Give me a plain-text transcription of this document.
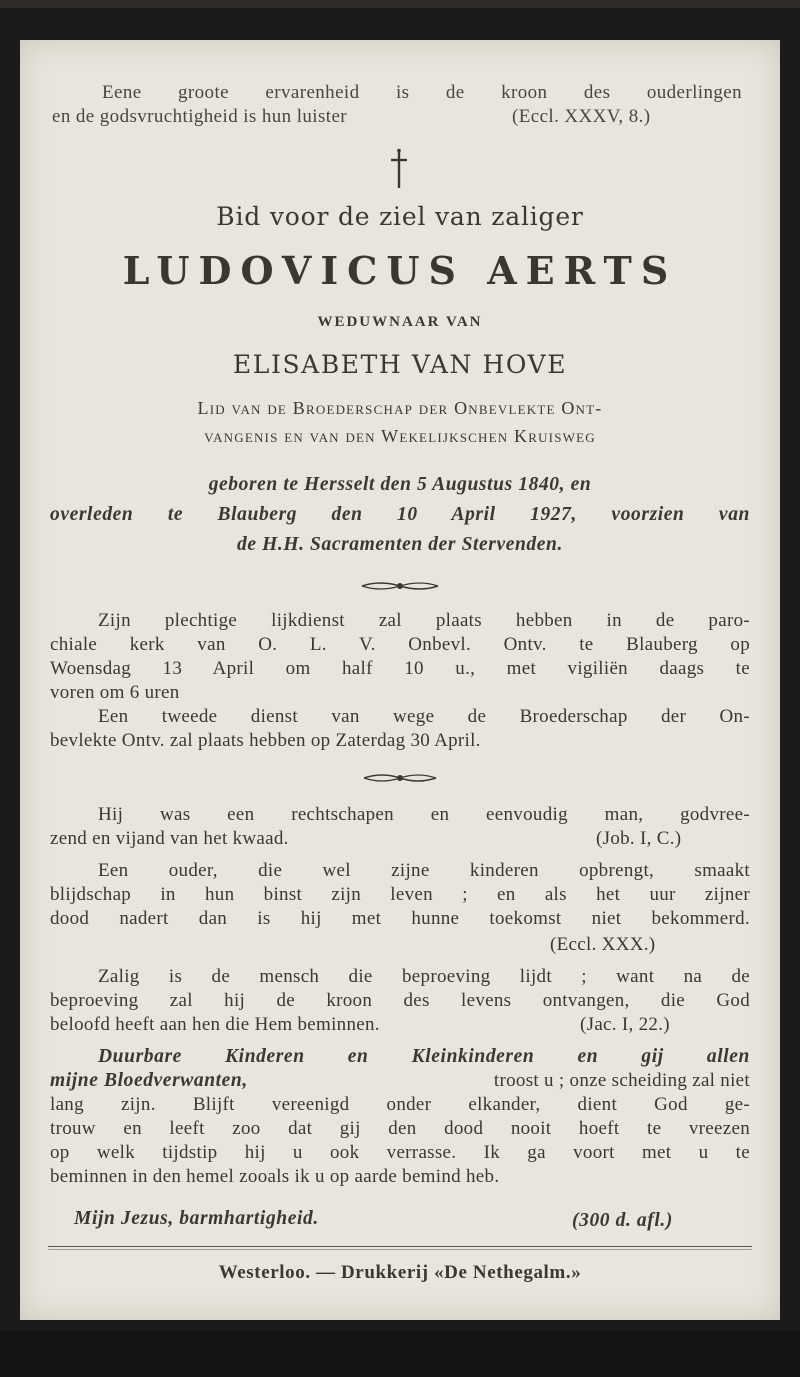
Eene groote ervarenheid is de kroon des ouderlingen
en de godsvruchtigheid is hun luister	(Eccl. XXXV, 8.)
Bid voor de ziel van zaliger
LUDOVICUS AERTS
WEDUWNAAR VAN
ELISABETH VAN HOVE
Lid van de Broederschap der Onbevlekte Ont-
vangenis en van den Wekelijkschen Kruisweg
geboren te Hersselt den 5 Augustus 1840, en
overleden te Blauberg den 10 April 1927, voorzien van
de H.H. Sacramenten der Stervenden.
Zijn plechtige lijkdienst zal plaats hebben in de paro-
chiale kerk van O. L. V. Onbevl. Ontv. te Blauberg op
Woensdag 13 April om half 10 u., met vigiliën daags te
voren om 6 uren
Een tweede dienst van wege de Broederschap der On-
bevlekte Ontv. zal plaats hebben op Zaterdag 30 April.
Hij was een rechtschapen en eenvoudig man, godvree-
zend en vijand van het kwaad.	(Job. I, C.)
Een ouder, die wel zijne kinderen opbrengt, smaakt
blijdschap in hun binst zijn leven ; en als het uur zijner
dood nadert dan is hij met hunne toekomst niet bekommerd.
(Eccl. XXX.)
Zalig is de mensch die beproeving lijdt ; want na de
beproeving zal hij de kroon des levens ontvangen, die God
beloofd heeft aan hen die Hem beminnen.	(Jac. I, 22.)
Duurbare Kinderen en Kleinkinderen en gij allen
mijne Bloedverwanten,	troost u ; onze scheiding zal niet
lang zijn. Blijft vereenigd onder elkander, dient God ge-
trouw en leeft zoo dat gij den dood nooit hoeft te vreezen
op welk tijdstip hij u ook verrasse. Ik ga voort met u te
beminnen in den hemel zooals ik u op aarde bemind heb.
Mijn Jezus, barmhartigheid.	(300 d. afl.)
Westerloo. — Drukkerij «De Nethegalm.»
